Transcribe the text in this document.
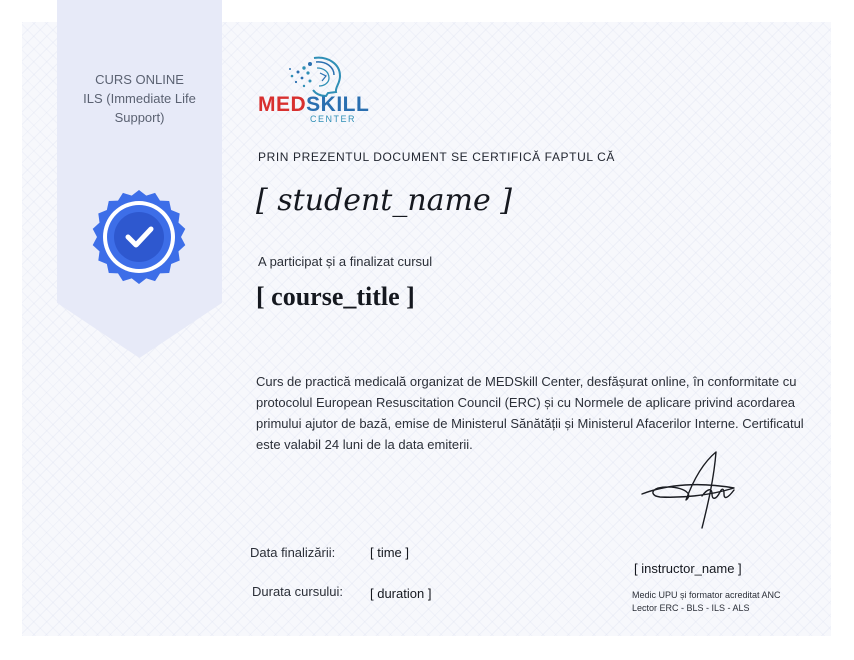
CURS ONLINE
ILS (Immediate Life
Support)
MEDSKILL
CENTER
PRIN PREZENTUL DOCUMENT SE CERTIFICĂ FAPTUL CĂ
[ student_name ]
A participat și a finalizat cursul
[ course_title ]
Curs de practică medicală organizat de MEDSkill Center, desfășurat online, în conformitate cu protocolul European Resuscitation Council (ERC) și cu Normele de aplicare privind acordarea primului ajutor de bază, emise de Ministerul Sănătății și Ministerul Afacerilor Interne. Certificatul este valabil 24 luni de la data emiterii.
Data finalizării:	[ time ]
Durata cursului: [ duration ]
[ instructor_name ]
Medic UPU și formator acreditat ANC
Lector ERC - BLS - ILS - ALS
